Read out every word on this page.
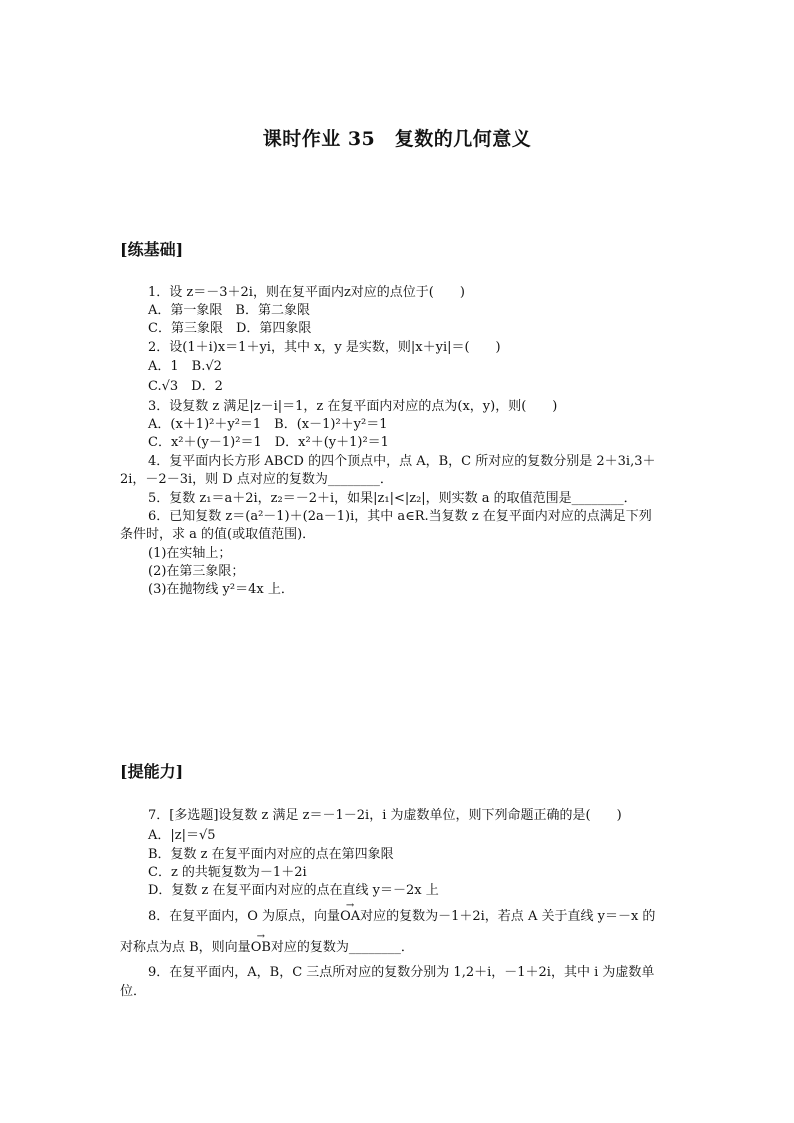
课时作业 35　复数的几何意义
[练基础]
1．设 z＝－3＋2i，则在复平面内z对应的点位于(　　)
A．第一象限　B．第二象限
C．第三象限　D．第四象限
2．设(1＋i)x＝1＋yi，其中 x，y 是实数，则|x＋yi|＝(　　)
A．1　B.√2
C.√3　D．2
3．设复数 z 满足|z－i|＝1，z 在复平面内对应的点为(x，y)，则(　　)
A．(x＋1)²＋y²＝1　B．(x－1)²＋y²＝1
C．x²＋(y－1)²＝1　D．x²＋(y＋1)²＝1
4．复平面内长方形 ABCD 的四个顶点中，点 A，B，C 所对应的复数分别是 2＋3i,3＋
2i，－2－3i，则 D 点对应的复数为________．
5．复数 z₁＝a＋2i，z₂＝－2＋i，如果|z₁|<|z₂|，则实数 a 的取值范围是________．
6．已知复数 z＝(a²－1)＋(2a－1)i，其中 a∈R.当复数 z 在复平面内对应的点满足下列
条件时，求 a 的值(或取值范围)．
(1)在实轴上；
(2)在第三象限；
(3)在抛物线 y²＝4x 上．
[提能力]
7．[多选题]设复数 z 满足 z＝－1－2i，i 为虚数单位，则下列命题正确的是(　　)
A．|z|＝√5
B．复数 z 在复平面内对应的点在第四象限
C．z 的共轭复数为－1＋2i
D．复数 z 在复平面内对应的点在直线 y＝－2x 上
8．在复平面内，O 为原点，向量→ OA对应的复数为－1＋2i，若点 A 关于直线 y＝－x 的
对称点为点 B，则向量→ OB对应的复数为________．
9．在复平面内，A，B，C 三点所对应的复数分别为 1,2＋i，－1＋2i，其中 i 为虚数单
位．
